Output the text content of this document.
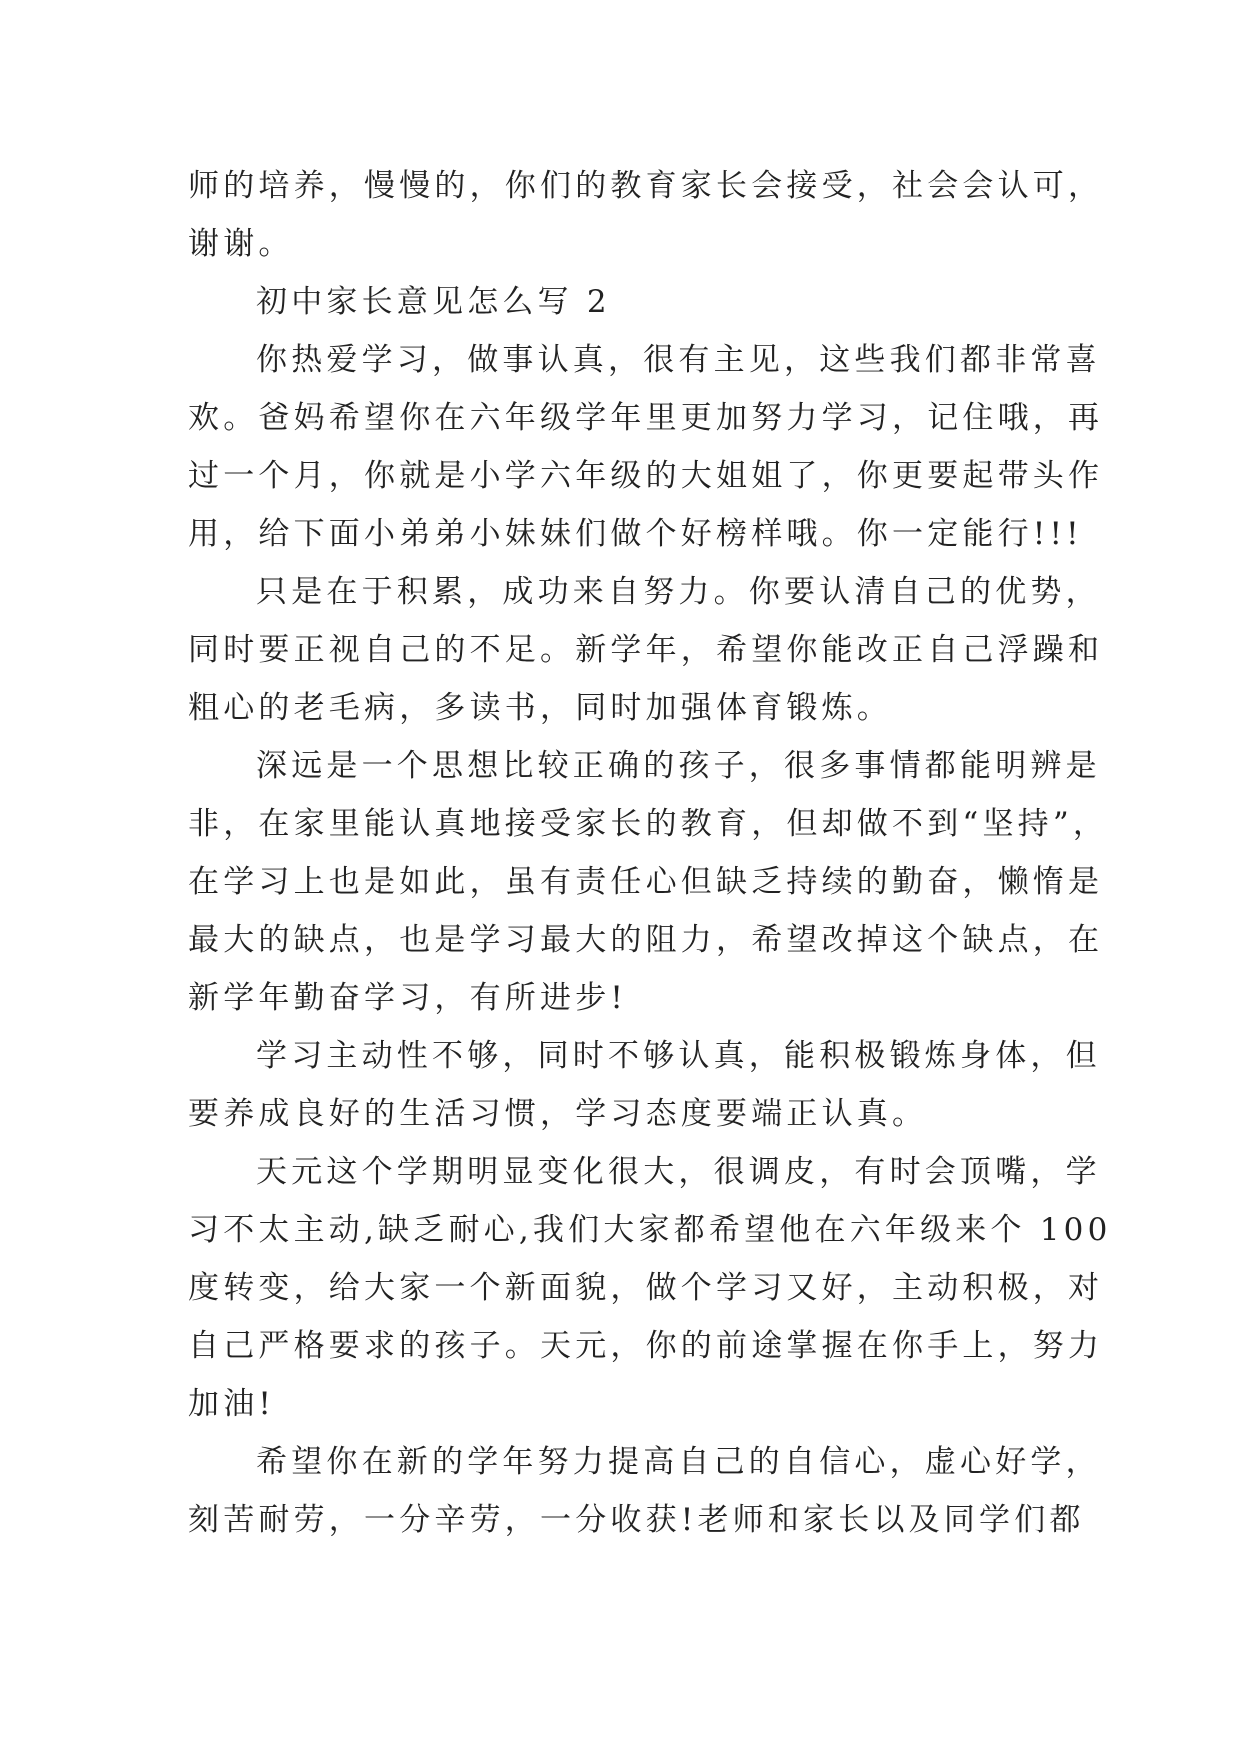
师的培养，慢慢的，你们的教育家长会接受，社会会认可，
谢谢。
初中家长意见怎么写 2
你热爱学习，做事认真，很有主见，这些我们都非常喜
欢。爸妈希望你在六年级学年里更加努力学习，记住哦，再
过一个月，你就是小学六年级的大姐姐了，你更要起带头作
用，给下面小弟弟小妹妹们做个好榜样哦。你一定能行!!!
只是在于积累，成功来自努力。你要认清自己的优势，
同时要正视自己的不足。新学年，希望你能改正自己浮躁和
粗心的老毛病，多读书，同时加强体育锻炼。
深远是一个思想比较正确的孩子，很多事情都能明辨是
非，在家里能认真地接受家长的教育，但却做不到“坚持”，
在学习上也是如此，虽有责任心但缺乏持续的勤奋，懒惰是
最大的缺点，也是学习最大的阻力，希望改掉这个缺点，在
新学年勤奋学习，有所进步!
学习主动性不够，同时不够认真，能积极锻炼身体，但
要养成良好的生活习惯，学习态度要端正认真。
天元这个学期明显变化很大，很调皮，有时会顶嘴，学
习不太主动,缺乏耐心,我们大家都希望他在六年级来个 100
度转变，给大家一个新面貌，做个学习又好，主动积极，对
自己严格要求的孩子。天元，你的前途掌握在你手上，努力
加油!
希望你在新的学年努力提高自己的自信心，虚心好学，
刻苦耐劳，一分辛劳，一分收获!老师和家长以及同学们都
